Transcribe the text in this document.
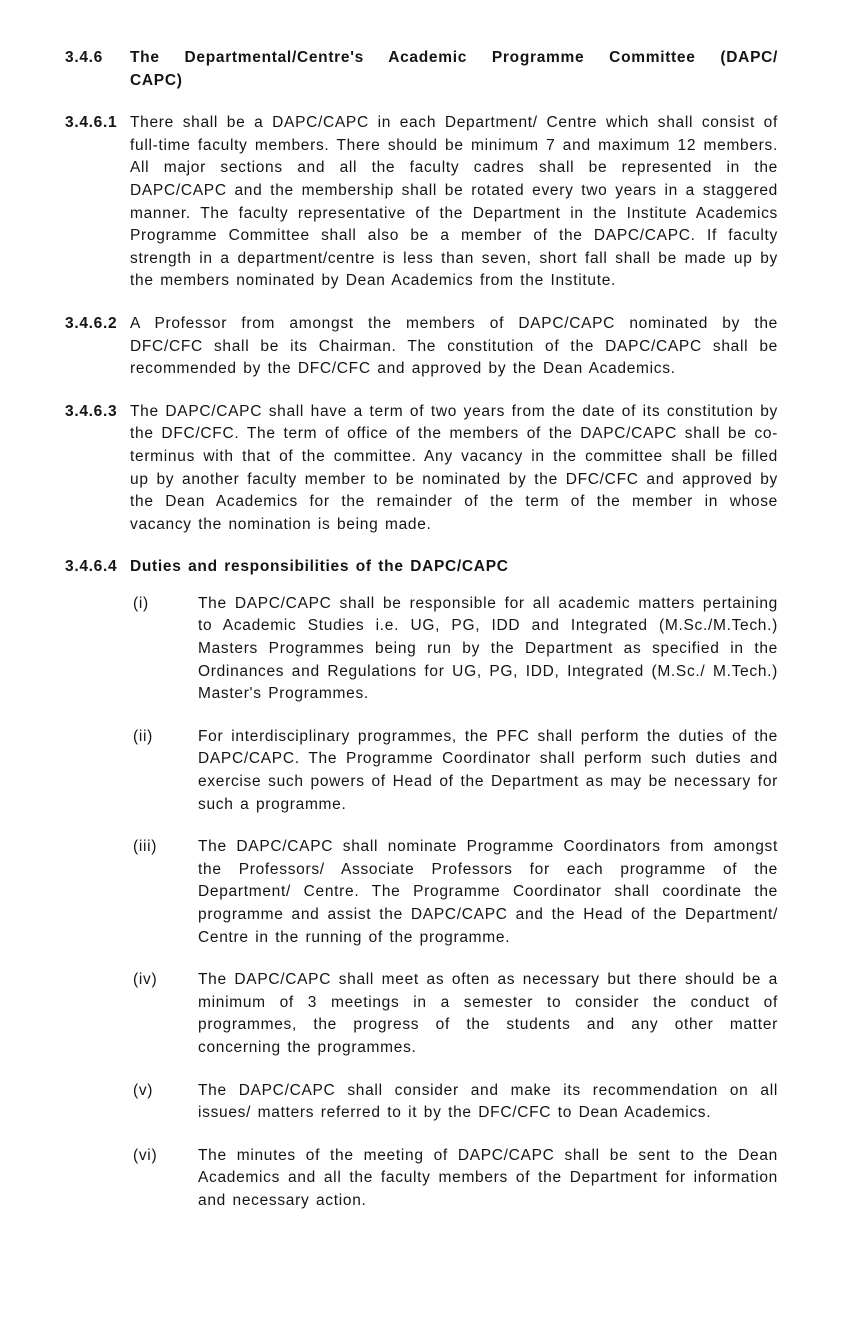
3.4.6 The Departmental/Centre's Academic Programme Committee (DAPC/
CAPC)
3.4.6.1 There shall be a DAPC/CAPC in each Department/ Centre which shall consist of full-time faculty members. There should be minimum 7 and maximum 12 members. All major sections and all the faculty cadres shall be represented in the DAPC/CAPC and the membership shall be rotated every two years in a staggered manner. The faculty representative of the Department in the Institute Academics Programme Committee shall also be a member of the DAPC/CAPC. If faculty strength in a department/centre is less than seven, short fall shall be made up by the members nominated by Dean Academics from the Institute.
3.4.6.2 A Professor from amongst the members of DAPC/CAPC nominated by the DFC/CFC shall be its Chairman. The constitution of the DAPC/CAPC shall be recommended by the DFC/CFC and approved by the Dean Academics.
3.4.6.3 The DAPC/CAPC shall have a term of two years from the date of its constitution by the DFC/CFC. The term of office of the members of the DAPC/CAPC shall be co-terminus with that of the committee. Any vacancy in the committee shall be filled up by another faculty member to be nominated by the DFC/CFC and approved by the Dean Academics for the remainder of the term of the member in whose vacancy the nomination is being made.
3.4.6.4 Duties and responsibilities of the DAPC/CAPC
(i)	The DAPC/CAPC shall be responsible for all academic matters pertaining to Academic Studies i.e. UG, PG, IDD and Integrated (M.Sc./M.Tech.) Masters Programmes being run by the Department as specified in the Ordinances and Regulations for UG, PG, IDD, Integrated (M.Sc./ M.Tech.) Master's Programmes.
(ii)	For interdisciplinary programmes, the PFC shall perform the duties of the DAPC/CAPC. The Programme Coordinator shall perform such duties and exercise such powers of Head of the Department as may be necessary for such a programme.
(iii)	The DAPC/CAPC shall nominate Programme Coordinators from amongst the Professors/ Associate Professors for each programme of the Department/ Centre. The Programme Coordinator shall coordinate the programme and assist the DAPC/CAPC and the Head of the Department/ Centre in the running of the programme.
(iv)	The DAPC/CAPC shall meet as often as necessary but there should be a minimum of 3 meetings in a semester to consider the conduct of programmes, the progress of the students and any other matter concerning the programmes.
(v)	The DAPC/CAPC shall consider and make its recommendation on all issues/ matters referred to it by the DFC/CFC to Dean Academics.
(vi)	The minutes of the meeting of DAPC/CAPC shall be sent to the Dean Academics and all the faculty members of the Department for information and necessary action.
